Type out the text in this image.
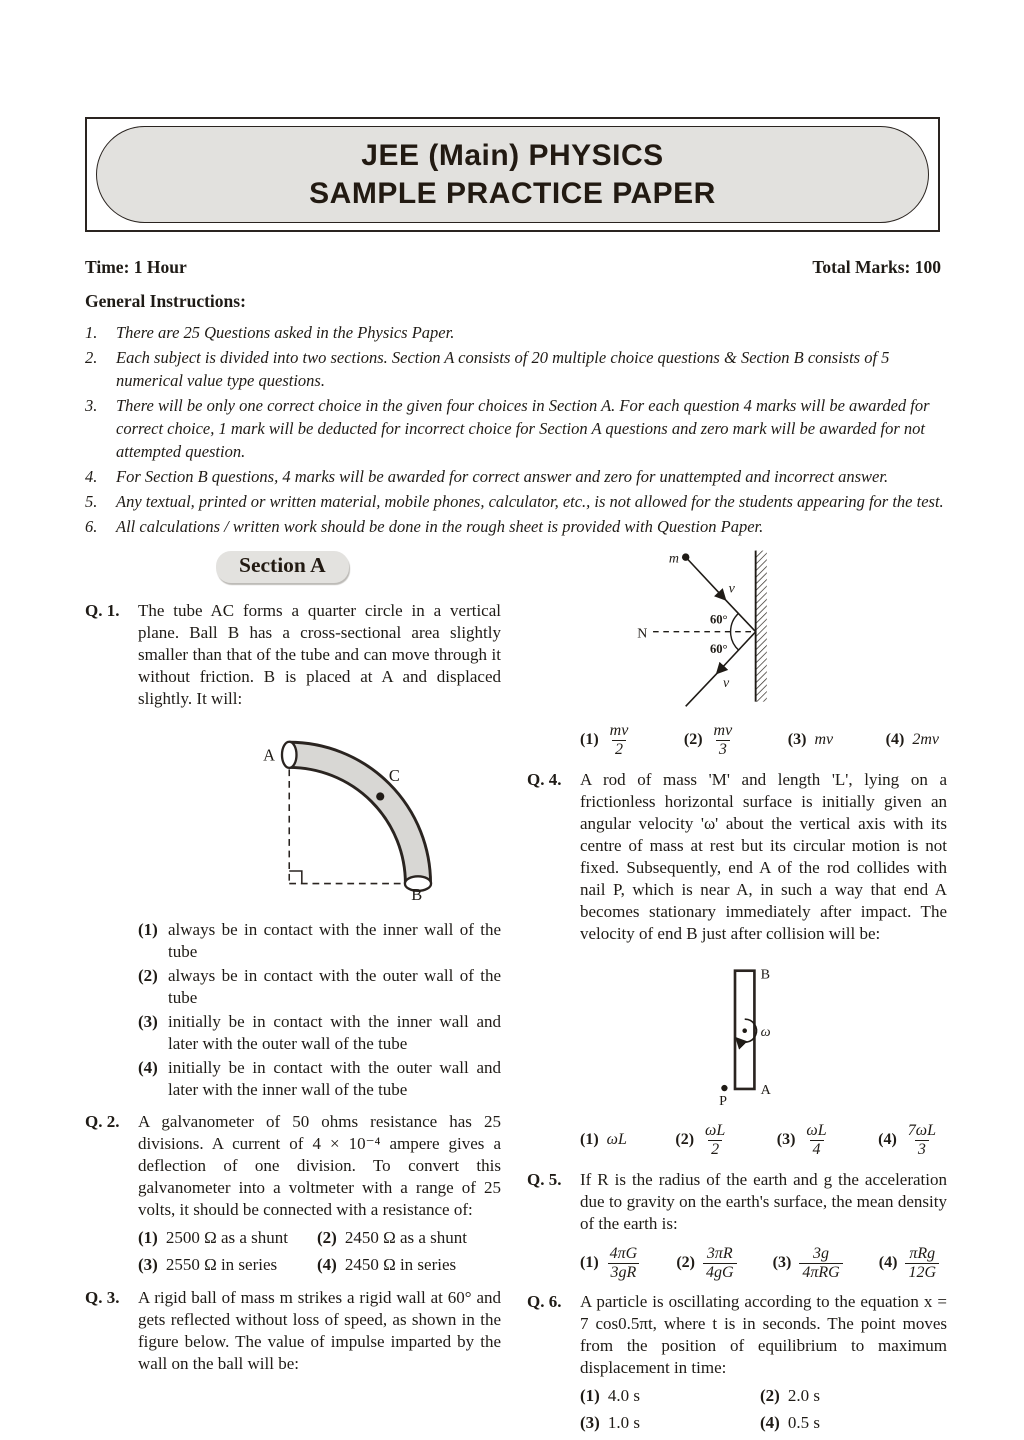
JEE (Main) PHYSICS
SAMPLE PRACTICE PAPER
Time: 1 Hour	Total Marks: 100
General Instructions:
1.	There are 25 Questions asked in the Physics Paper.
2.	Each subject is divided into two sections. Section A consists of 20 multiple choice questions & Section B consists of 5 numerical value type questions.
3.	There will be only one correct choice in the given four choices in Section A. For each question 4 marks will be awarded for correct choice, 1 mark will be deducted for incorrect choice for Section A questions and zero mark will be awarded for not attempted question.
4.	For Section B questions, 4 marks will be awarded for correct answer and zero for unattempted and incorrect answer.
5.	Any textual, printed or written material, mobile phones, calculator, etc., is not allowed for the students appearing for the test.
6.	All calculations / written work should be done in the rough sheet is provided with Question Paper.
Section A
Q. 1.	The tube AC forms a quarter circle in a vertical plane. Ball B has a cross-sectional area slightly smaller than that of the tube and can move through it without friction. B is placed at A and displaced slightly. It will:

A
C
B
(1) always be in contact with the inner wall of the tube
(2) always be in contact with the outer wall of the tube
(3) initially be in contact with the inner wall and later with the outer wall of the tube
(4) initially be in contact with the outer wall and later with the inner wall of the tube
Q. 2.	A galvanometer of 50 ohms resistance has 25 divisions. A current of 4 × 10⁻⁴ ampere gives a deflection of one division. To convert this galvanometer into a voltmeter with a range of 25 volts, it should be connected with a resistance of:

(1) 2500 Ω as a shunt (2) 2450 Ω as a shunt
(3) 2550 Ω in series (4) 2450 Ω in series
Q. 3.	A rigid ball of mass m strikes a rigid wall at 60° and gets reflected without loss of speed, as shown in the figure below. The value of impulse imparted by the wall on the ball will be:

m
v
N
60°
60°
v
$(1) \frac{mv}{2}$	$(2) \frac{mv}{3}$	(3) mv	(4) 2mv
Q. 4.	A rod of mass 'M' and length 'L', lying on a frictionless horizontal surface is initially given an angular velocity 'ω' about the vertical axis with its centre of mass at rest but its circular motion is not fixed. Subsequently, end A of the rod collides with nail P, which is near A, in such a way that end A becomes stationary immediately after impact. The velocity of end B just after collision will be:

B
ω
A
P
(1) ωL	$(2) \frac{\omega L}{2}$	$(3) \frac{\omega L}{4}$	$(4) \frac{7\omega L}{3}$
Q. 5.	If R is the radius of the earth and g the acceleration due to gravity on the earth's surface, the mean density of the earth is:

$(1) \frac{4\pi G}{3gR} (2) \frac{3\pi R}{4gG} (3) \frac{3g}{\text{4πRG}} (4) \frac{\text{πRg}}{12G}$
Q. 6.	A particle is oscillating according to the equation x = 7 cos0.5πt, where t is in seconds. The point moves from the position of equilibrium to maximum displacement in time:

(1) 4.0 s	(2) 2.0 s
(3) 1.0 s	(4) 0.5 s
